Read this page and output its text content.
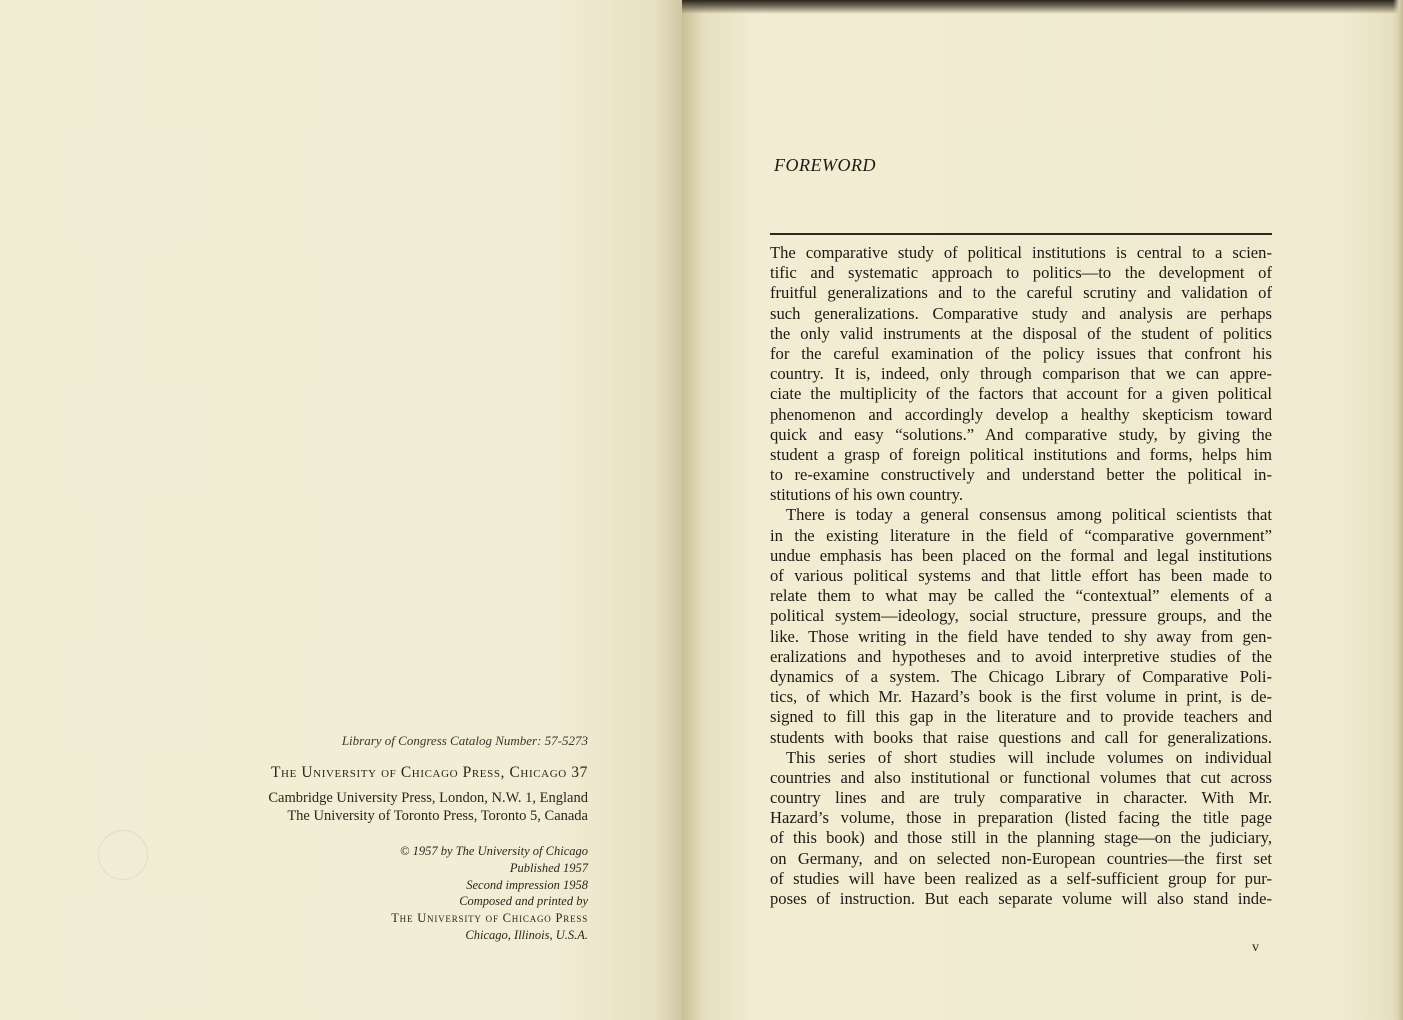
Library of Congress Catalog Number: 57-5273
The University of Chicago Press, Chicago 37
Cambridge University Press, London, N.W. 1, England
The University of Toronto Press, Toronto 5, Canada
© 1957 by The University of Chicago
Published 1957
Second impression 1958
Composed and printed by
The University of Chicago Press
Chicago, Illinois, U.S.A.
FOREWORD
The comparative study of political institutions is central to a scien-
tific and systematic approach to politics—to the development of
fruitful generalizations and to the careful scrutiny and validation of
such generalizations. Comparative study and analysis are perhaps
the only valid instruments at the disposal of the student of politics
for the careful examination of the policy issues that confront his
country. It is, indeed, only through comparison that we can appre-
ciate the multiplicity of the factors that account for a given political
phenomenon and accordingly develop a healthy skepticism toward
quick and easy “solutions.” And comparative study, by giving the
student a grasp of foreign political institutions and forms, helps him
to re-examine constructively and understand better the political in-
stitutions of his own country.
There is today a general consensus among political scientists that
in the existing literature in the field of “comparative government”
undue emphasis has been placed on the formal and legal institutions
of various political systems and that little effort has been made to
relate them to what may be called the “contextual” elements of a
political system—ideology, social structure, pressure groups, and the
like. Those writing in the field have tended to shy away from gen-
eralizations and hypotheses and to avoid interpretive studies of the
dynamics of a system. The Chicago Library of Comparative Poli-
tics, of which Mr. Hazard’s book is the first volume in print, is de-
signed to fill this gap in the literature and to provide teachers and
students with books that raise questions and call for generalizations.
This series of short studies will include volumes on individual
countries and also institutional or functional volumes that cut across
country lines and are truly comparative in character. With Mr.
Hazard’s volume, those in preparation (listed facing the title page
of this book) and those still in the planning stage—on the judiciary,
on Germany, and on selected non-European countries—the first set
of studies will have been realized as a self-sufficient group for pur-
poses of instruction. But each separate volume will also stand inde-
v
